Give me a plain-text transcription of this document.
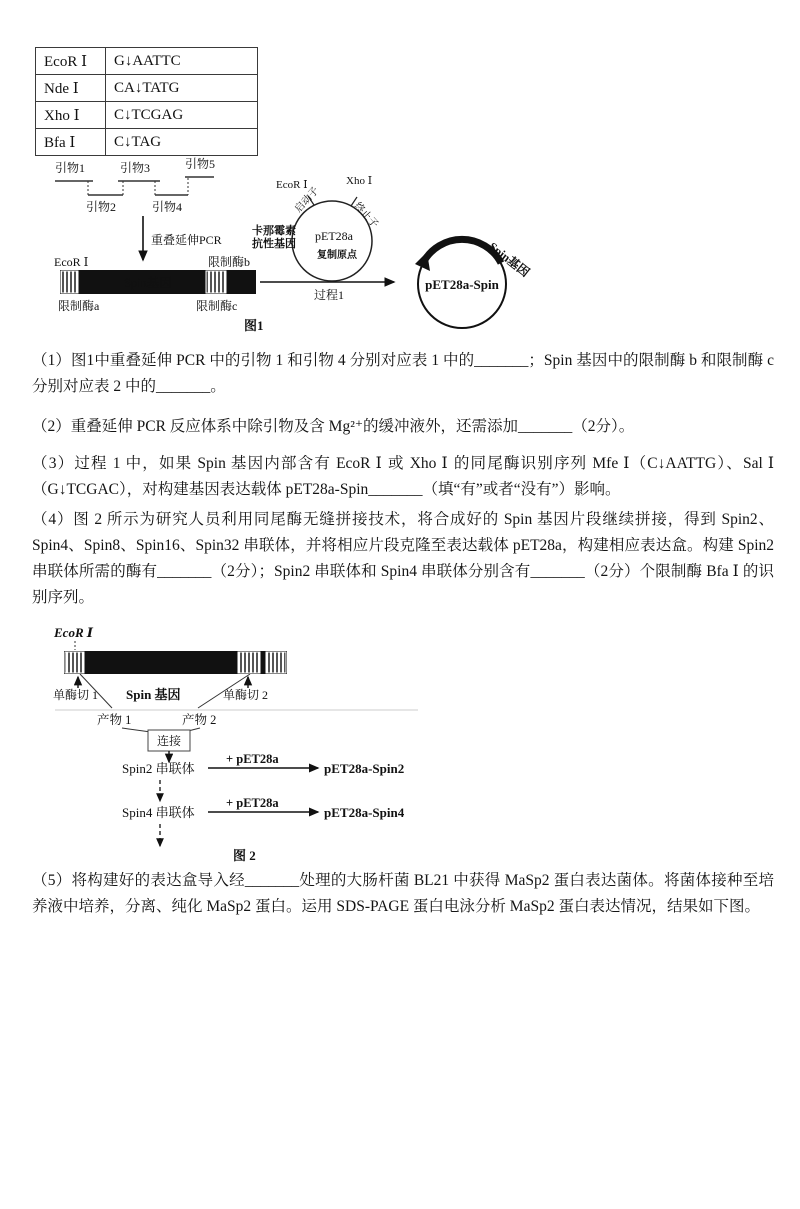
EcoR Ⅰ	G↓AATTC
Nde Ⅰ	CA↓TATG
Xho Ⅰ	C↓TCGAG
Bfa Ⅰ	C↓TAG
引物1	引物3	引物5
引物2	引物4
重叠延伸PCR
EcoR Ⅰ	限制酶b
Spin基因
限制酶a	限制酶c
图1
过程1
EcoR Ⅰ	Xho Ⅰ
启动子
终止子
卡那霉素
抗性基因
pET28a
复制原点	Spin基因
pET28a-Spin
（1）图1中重叠延伸 PCR 中的引物 1 和引物 4 分别对应表 1 中的_______；Spin 基因中的限制酶 b 和限制酶 c 分别对应表 2 中的_______。
（2）重叠延伸 PCR 反应体系中除引物及含 Mg²⁺的缓冲液外，还需添加_______（2分）。
（3）过程 1 中，如果 Spin 基因内部含有 EcoR Ⅰ 或 Xho Ⅰ 的同尾酶识别序列 Mfe Ⅰ（C↓AATTG）、Sal Ⅰ（G↓TCGAC），对构建基因表达载体 pET28a-Spin_______（填“有”或者“没有”）影响。
（4）图 2 所示为研究人员利用同尾酶无缝拼接技术，将合成好的 Spin 基因片段继续拼接，得到 Spin2、Spin4、Spin8、Spin16、Spin32 串联体，并将相应片段克隆至表达载体 pET28a，构建相应表达盒。构建 Spin2 串联体所需的酶有_______（2分）；Spin2 串联体和 Spin4 串联体分别含有_______（2分）个限制酶 Bfa Ⅰ 的识别序列。
EcoR Ⅰ
单酶切 1 Spin 基因	单酶切 2
产物 1	产物 2
连接
Spin2 串联体
+ pET28a
pET28a-Spin2
Spin4 串联体
+ pET28a
pET28a-Spin4
图 2
（5）将构建好的表达盒导入经_______处理的大肠杆菌 BL21 中获得 MaSp2 蛋白表达菌体。将菌体接种至培养液中培养，分离、纯化 MaSp2 蛋白。运用 SDS-PAGE 蛋白电泳分析 MaSp2 蛋白表达情况，结果如下图。
